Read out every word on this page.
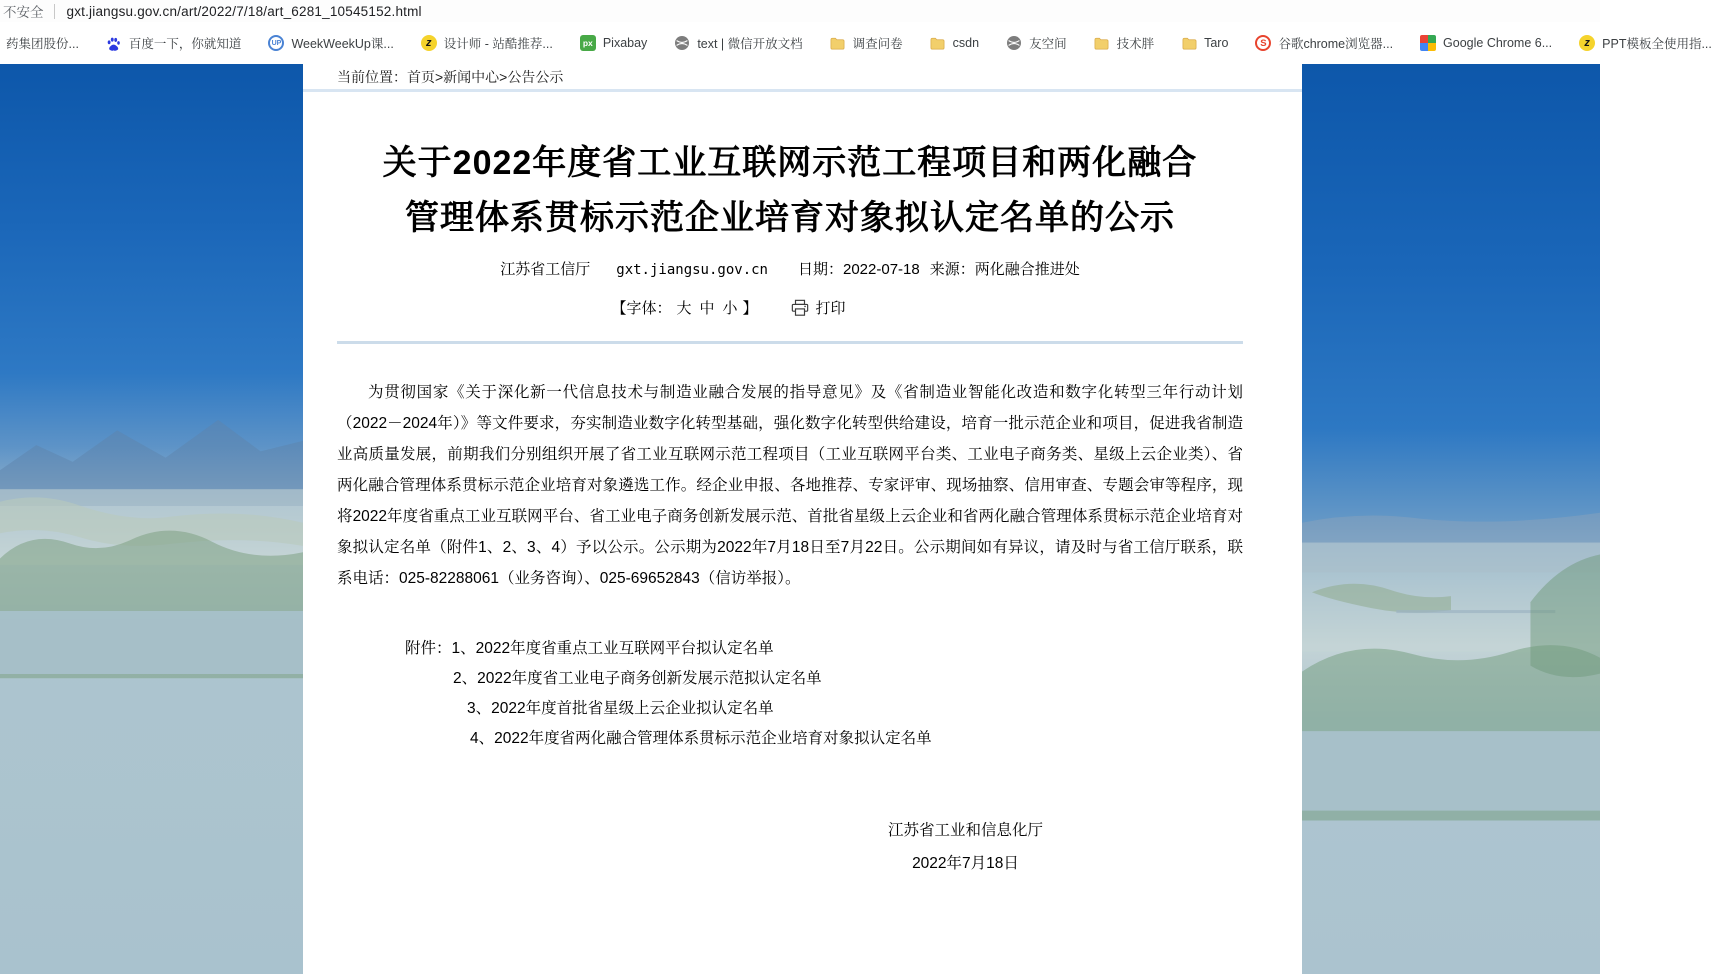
不安全 gxt.jiangsu.gov.cn/art/2022/7/18/art_6281_10545152.html
药集团股份...	百度一下，你就知道	UP WeekWeekUp课...	z 设计师 - 站酷推荐...	px Pixabay	text | 微信开放文档	调查问卷	csdn	友空间	技术胖	Taro	S 谷歌chrome浏览器...	Google Chrome 6...	z PPT模板全使用指...
当前位置： 首页>新闻中心>公告公示
关于2022年度省工业互联网示范工程项目和两化融合
管理体系贯标示范企业培育对象拟认定名单的公示
江苏省工信厅 gxt.jiangsu.gov.cn 日期：2022-07-18 来源：两化融合推进处
【字体： 大 中 小 】	打印

为贯彻国家《关于深化新一代信息技术与制造业融合发展的指导意见》及《省制造业智能化改造和数字化转型三年行动计划（2022－2024年）》等文件要求，夯实制造业数字化转型基础，强化数字化转型供给建设，培育一批示范企业和项目，促进我省制造业高质量发展，前期我们分别组织开展了省工业互联网示范工程项目（工业互联网平台类、工业电子商务类、星级上云企业类）、省两化融合管理体系贯标示范企业培育对象遴选工作。经企业申报、各地推荐、专家评审、现场抽察、信用审查、专题会审等程序，现将2022年度省重点工业互联网平台、省工业电子商务创新发展示范、首批省星级上云企业和省两化融合管理体系贯标示范企业培育对象拟认定名单（附件1、2、3、4）予以公示。公示期为2022年7月18日至7月22日。公示期间如有异议，请及时与省工信厅联系，联系电话：025-82288061（业务咨询）、025-69652843（信访举报）。

附件：1、2022年度省重点工业互联网平台拟认定名单
2、2022年度省工业电子商务创新发展示范拟认定名单
3、2022年度首批省星级上云企业拟认定名单
4、2022年度省两化融合管理体系贯标示范企业培育对象拟认定名单
江苏省工业和信息化厅
2022年7月18日
